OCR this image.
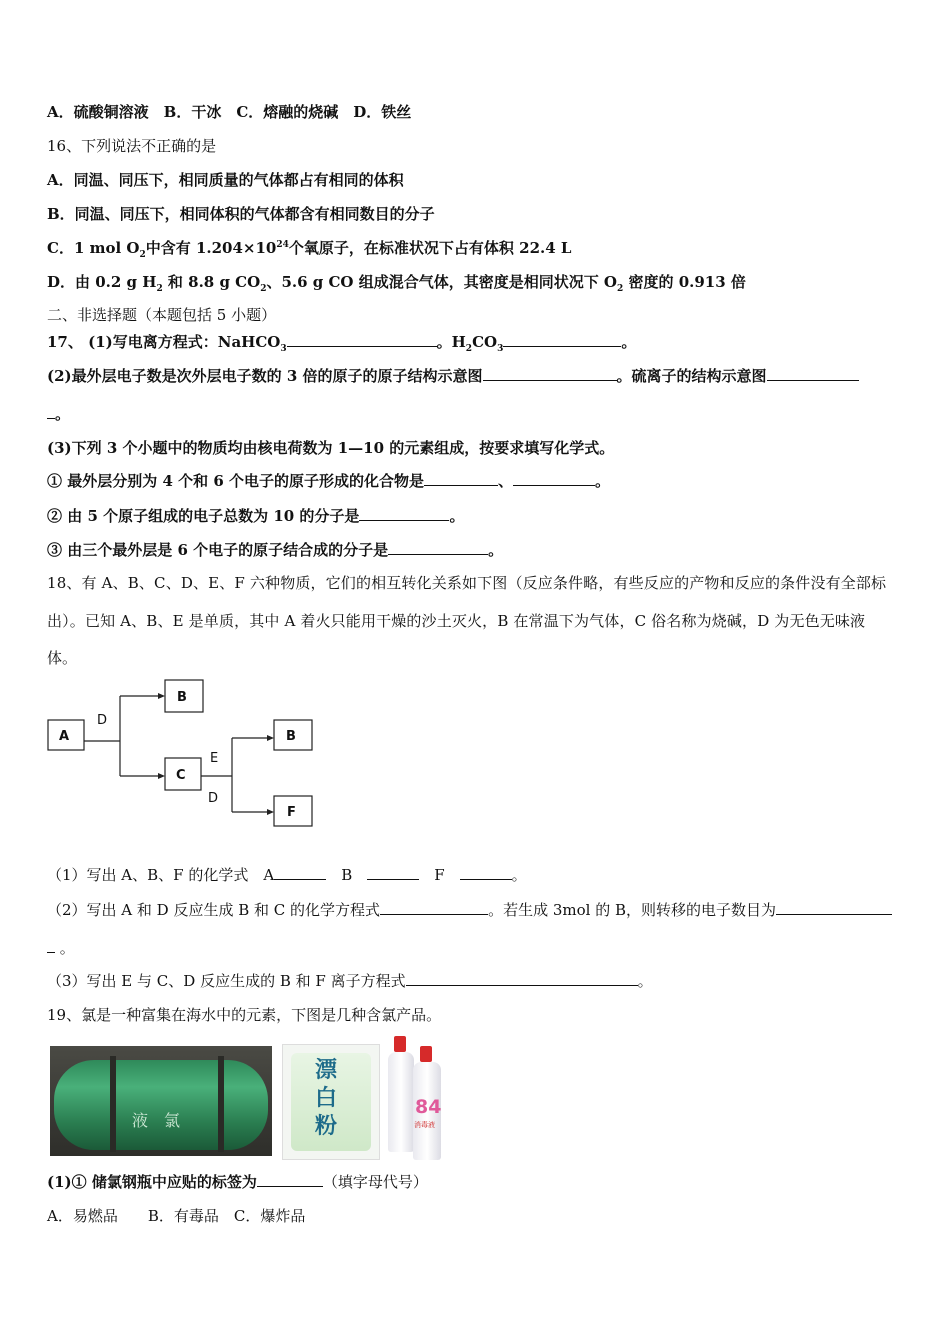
A．硫酸铜溶液　B．干冰　C．熔融的烧碱　D．铁丝
16、下列说法不正确的是
A．同温、同压下，相同质量的气体都占有相同的体积
B．同温、同压下，相同体积的气体都含有相同数目的分子
C．1 mol $O_2$中含有 $1.204\times 10^{24}$个氧原子，在标准状况下占有体积 22.4 L
D．由 0.2 g $H_2$ 和 8.8 g $CO_2$、5.6 g CO 组成混合气体，其密度是相同状况下 $O_2$ 密度的 0.913 倍
二、非选择题（本题包括 5 小题）
17、 (1)写电离方程式：NaHCO$_3$	。$H_2CO_3$	。
(2)最外层电子数是次外层电子数的 3 倍的原子的原子结构示意图	。硫离子的结构示意图
。
(3)下列 3 个小题中的物质均由核电荷数为 1—10 的元素组成，按要求填写化学式。
① 最外层分别为 4 个和 6 个电子的原子形成的化合物是	、	。
② 由 5 个原子组成的电子总数为 10 的分子是	。
③ 由三个最外层是 6 个电子的原子结合成的分子是	。
18、有 A、B、C、D、E、F 六种物质，它们的相互转化关系如下图（反应条件略，有些反应的产物和反应的条件没有全部标
出）。已知 A、B、E 是单质，其中 A 着火只能用干燥的沙土灭火，B 在常温下为气体，C 俗名称为烧碱，D 为无色无味液
体。
A
B
C
B
F
D
E
D
（1）写出 A、B、F 的化学式　A	　B　	　F　	。
（2）写出 A 和 D 反应生成 B 和 C 的化学方程式	。若生成 3mol 的 B，则转移的电子数目为
。
（3）写出 E 与 C、D 反应生成的 B 和 F 离子方程式	。
19、氯是一种富集在海水中的元素，下图是几种含氯产品。
液　氯
漂
白
粉
84
消毒液
(1)① 储氯钢瓶中应贴的标签为	（填字母代号）
A．易燃品　　B．有毒品　C．爆炸品
